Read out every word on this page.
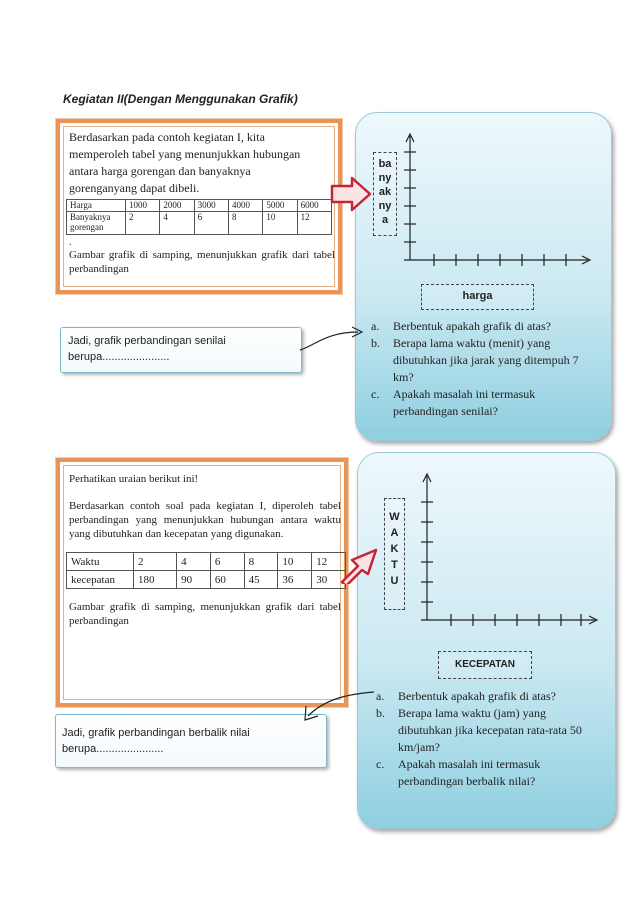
Kegiatan II(Dengan Menggunakan Grafik)
Berdasarkan pada contoh kegiatan I, kita
memperoleh tabel yang menunjukkan hubungan
antara harga gorengan dan banyaknya
gorenganyang dapat dibeli.
Harga	1000	2000	3000	4000	5000	6000
Banyaknya gorengan	2	4	6	8	10	12
.
Gambar grafik di samping, menunjukkan grafik dari tabel perbandingan
ba
ny
ak
ny
a
harga
a. Berbentuk apakah grafik di atas?
b. Berapa lama waktu (menit) yang dibutuhkan jika jarak yang ditempuh 7 km?
c. Apakah masalah ini termasuk perbandingan senilai?
Jadi, grafik perbandingan senilai berupa......................
Perhatikan uraian berikut ini!
Berdasarkan contoh soal pada kegiatan I, diperoleh tabel perbandingan yang menunjukkan hubungan antara waktu yang dibutuhkan dan kecepatan yang digunakan.
Waktu	2	4	6	8	10	12
kecepatan	180	90	60	45	36	30
Gambar grafik di samping, menunjukkan grafik dari tabel perbandingan
W
A
K
T
U
KECEPATAN
a. Berbentuk apakah grafik di atas?
b. Berapa lama waktu (jam) yang dibutuhkan jika kecepatan rata-rata 50 km/jam?
c. Apakah masalah ini termasuk perbandingan berbalik nilai?
Jadi, grafik perbandingan berbalik nilai berupa......................
